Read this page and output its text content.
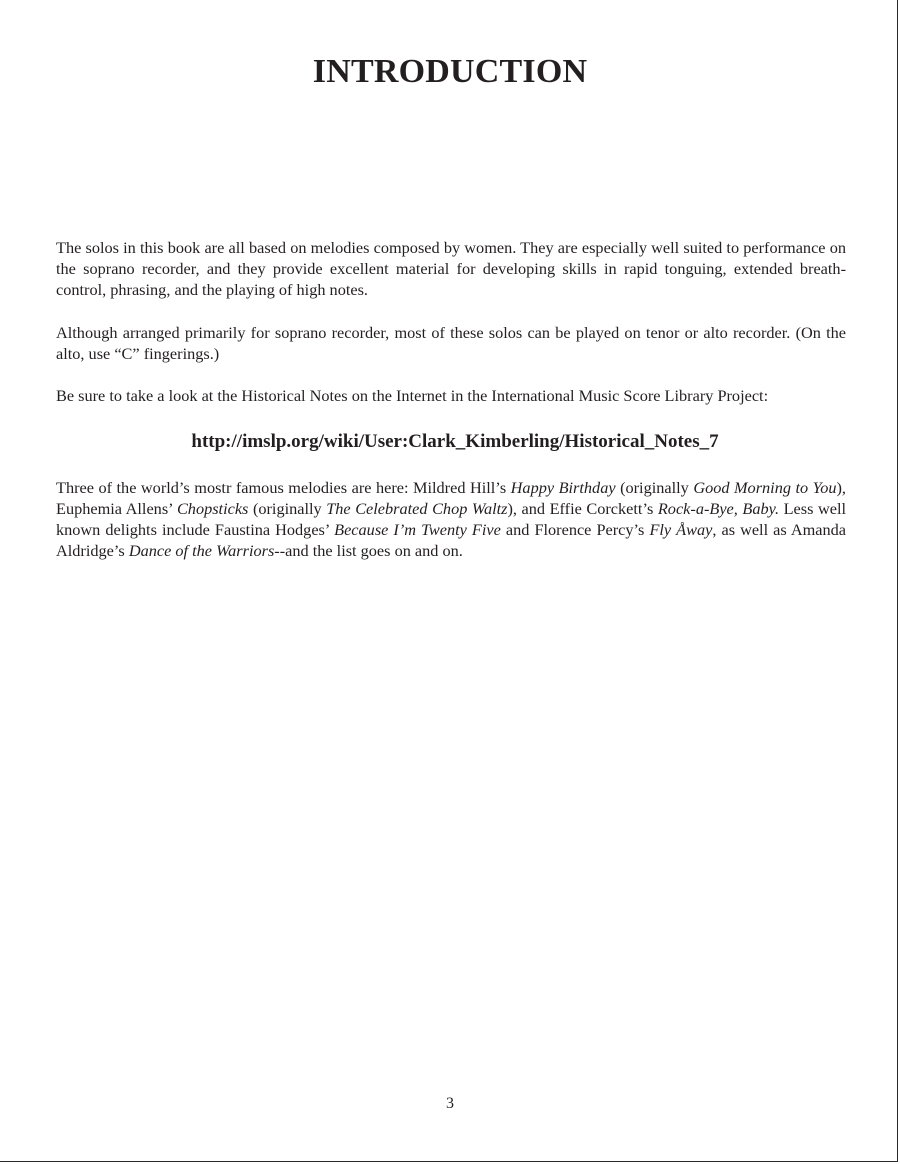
INTRODUCTION

The solos in this book are all based on melodies composed by women. They are especially well suited to performance on the soprano recorder, and they provide excellent material for developing skills in rapid tonguing, extended breath-control, phrasing, and the playing of high notes.

Although arranged primarily for soprano recorder, most of these solos can be played on tenor or alto recorder. (On the alto, use “C” fingerings.)

Be sure to take a look at the Historical Notes on the Internet in the International Music Score Library Project:

http://imslp.org/wiki/User:Clark_Kimberling/Historical_Notes_7

Three of the world’s mostr famous melodies are here: Mildred Hill’s Happy Birthday (originally Good Morning to You), Euphemia Allens’ Chopsticks (originally The Celebrated Chop Waltz), and Effie Corckett’s Rock-a-Bye, Baby. Less well known delights include Faustina Hodges’ Because I’m Twenty Five and Florence Percy’s Fly Åway, as well as Amanda Aldridge’s Dance of the Warriors--and the list goes on and on.

3
